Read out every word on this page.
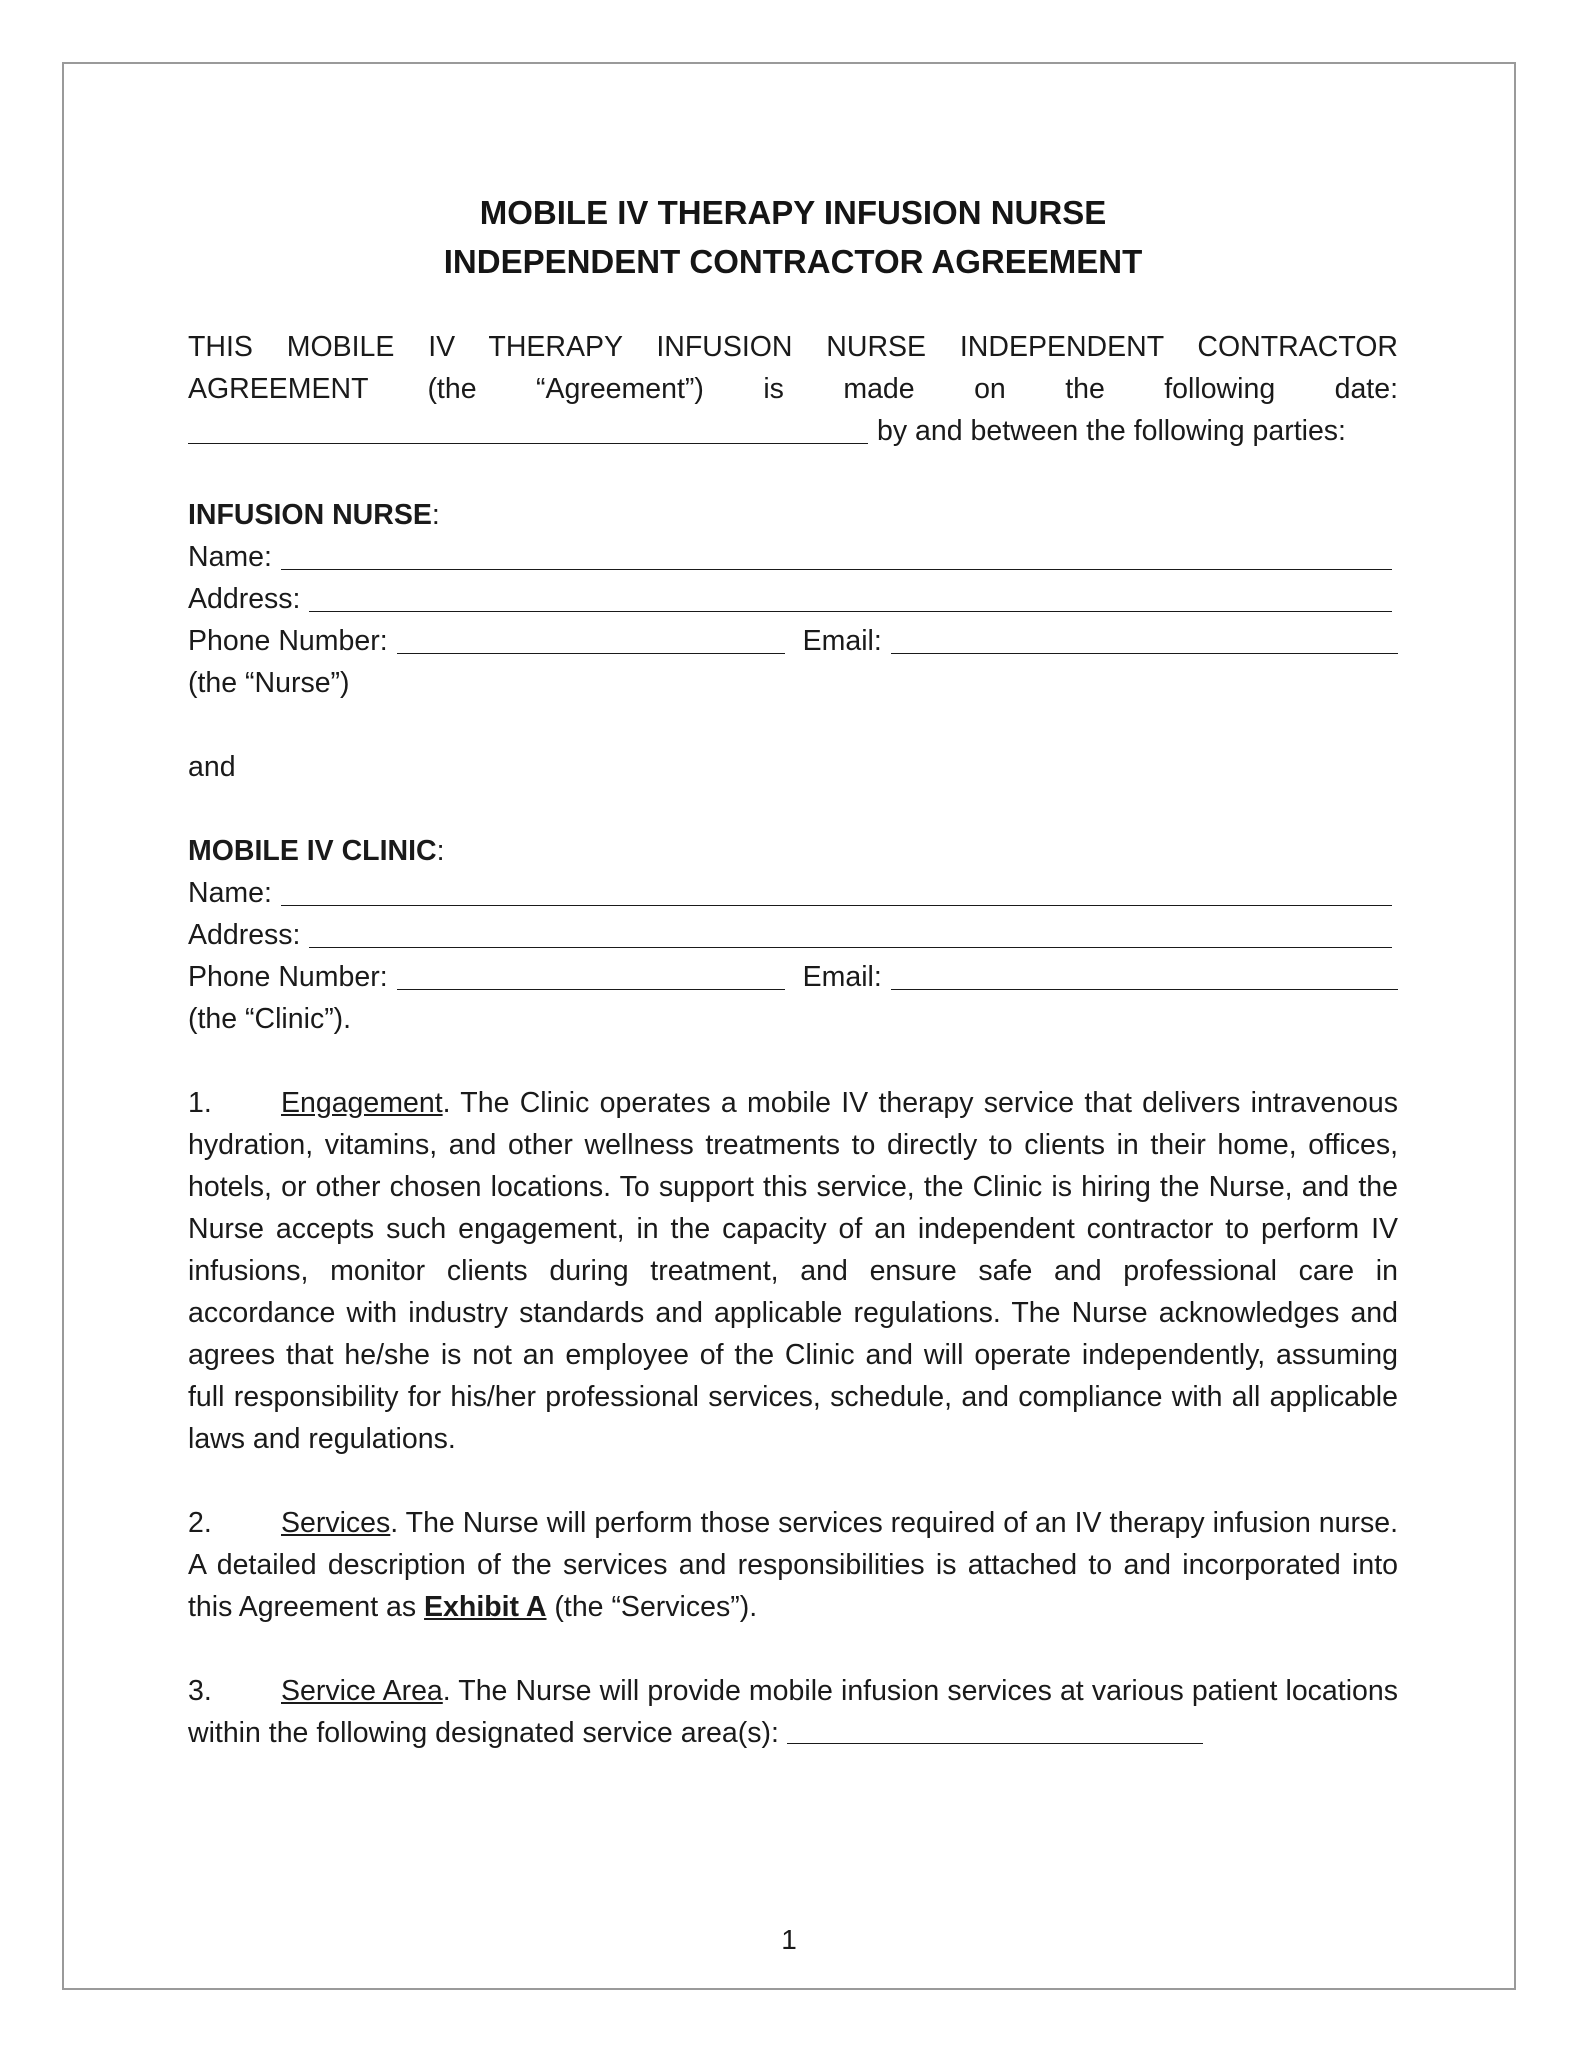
MOBILE IV THERAPY INFUSION NURSE
INDEPENDENT CONTRACTOR AGREEMENT
THIS MOBILE IV THERAPY INFUSION NURSE INDEPENDENT CONTRACTOR
AGREEMENT (the “Agreement”) is made on the following date:
by and between the following parties:
INFUSION NURSE:
Name:
Address:
Phone Number:	Email:
(the “Nurse”)
and
MOBILE IV CLINIC:
Name:
Address:
Phone Number:	Email:
(the “Clinic”).

1. Engagement. The Clinic operates a mobile IV therapy service that delivers intravenous hydration, vitamins, and other wellness treatments to directly to clients in their home, offices, hotels, or other chosen locations. To support this service, the Clinic is hiring the Nurse, and the Nurse accepts such engagement, in the capacity of an independent contractor to perform IV infusions, monitor clients during treatment, and ensure safe and professional care in accordance with industry standards and applicable regulations. The Nurse acknowledges and agrees that he/she is not an employee of the Clinic and will operate independently, assuming full responsibility for his/her professional services, schedule, and compliance with all applicable laws and regulations.

2. Services. The Nurse will perform those services required of an IV therapy infusion nurse. A detailed description of the services and responsibilities is attached to and incorporated into this Agreement as Exhibit A (the “Services”).

3. Service Area. The Nurse will provide mobile infusion services at various patient locations within the following designated service area(s):

1
